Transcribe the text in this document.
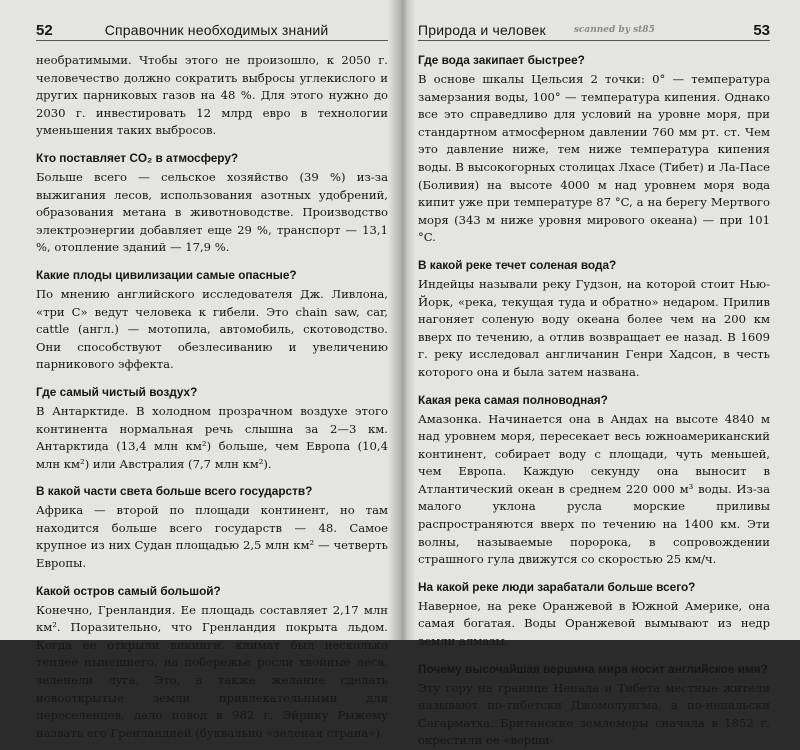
52	Справочник необходимых знаний

необратимыми. Чтобы этого не произошло, к 2050 г. человечество должно сократить выбросы углекислого и других парниковых газов на 48 %. Для этого нужно до 2030 г. инвестировать 12 млрд евро в технологии уменьшения таких выбросов.

Кто поставляет CO₂ в атмосферу?

Больше всего — сельское хозяйство (39 %) из-за выжигания лесов, использования азотных удобрений, образования метана в животноводстве. Производство электроэнергии добавляет еще 29 %, транспорт — 13,1 %, отопление зданий — 17,9 %.

Какие плоды цивилизации самые опасные?

По мнению английского исследователя Дж. Ливлона, «три С» ведут человека к гибели. Это chain saw, car, cattle (англ.) — мотопила, автомобиль, скотоводство. Они способствуют обезлесиванию и увеличению парникового эффекта.

Где самый чистый воздух?

В Антарктиде. В холодном прозрачном воздухе этого континента нормальная речь слышна за 2—3 км. Антарктида (13,4 млн км²) больше, чем Европа (10,4 млн км²) или Австралия (7,7 млн км²).

В какой части света больше всего государств?

Африка — второй по площади континент, но там находится больше всего государств — 48. Самое крупное из них Судан площадью 2,5 млн км² — четверть Европы.

Какой остров самый большой?

Конечно, Гренландия. Ее площадь составляет 2,17 млн км². Поразительно, что Гренландия покрыта льдом. Когда ее открыли викинги, климат был несколько теплее нынешнего, на побережье росли хвойные леса, зеленели луга. Это, а также желание сделать новооткрытые земли привлекательными для переселенцев, дало повод в 982 г. Эйрику Рыжему назвать его Гренландией (буквально «зеленая страна»).

Природа и человек	scanned by st85	53
Где вода закипает быстрее?

В основе шкалы Цельсия 2 точки: 0° — температура замерзания воды, 100° — температура кипения. Однако все это справедливо для условий на уровне моря, при стандартном атмосферном давлении 760 мм рт. ст. Чем это давление ниже, тем ниже температура кипения воды. В высокогорных столицах Лхасе (Тибет) и Ла-Пасе (Боливия) на высоте 4000 м над уровнем моря вода кипит уже при температуре 87 °C, а на берегу Мертвого моря (343 м ниже уровня мирового океана) — при 101 °C.

В какой реке течет соленая вода?

Индейцы называли реку Гудзон, на которой стоит Нью-Йорк, «река, текущая туда и обратно» недаром. Прилив нагоняет соленую воду океана более чем на 200 км вверх по течению, а отлив возвращает ее назад. В 1609 г. реку исследовал англичанин Генри Хадсон, в честь которого она и была затем названа.

Какая река самая полноводная?

Амазонка. Начинается она в Андах на высоте 4840 м над уровнем моря, пересекает весь южноамериканский континент, собирает воду с площади, чуть меньшей, чем Европа. Каждую секунду она выносит в Атлантический океан в среднем 220 000 м³ воды. Из-за малого уклона русла морские приливы распространяются вверх по течению на 1400 км. Эти волны, называемые поророка, в сопровождении страшного гула движутся со скоростью 25 км/ч.

На какой реке люди зарабатали больше всего?

Наверное, на реке Оранжевой в Южной Америке, она самая богатая. Воды Оранжевой вымывают из недр земли алмазы.

Почему высочайшая вершина мира носит английское имя?

Эту гору на границе Непала и Тибета местные жители называют по-тибетски Джомолунгма, а по-непальски Сагарматха. Британские землемеры сначала в 1852 г. окрестили ее «верши-
